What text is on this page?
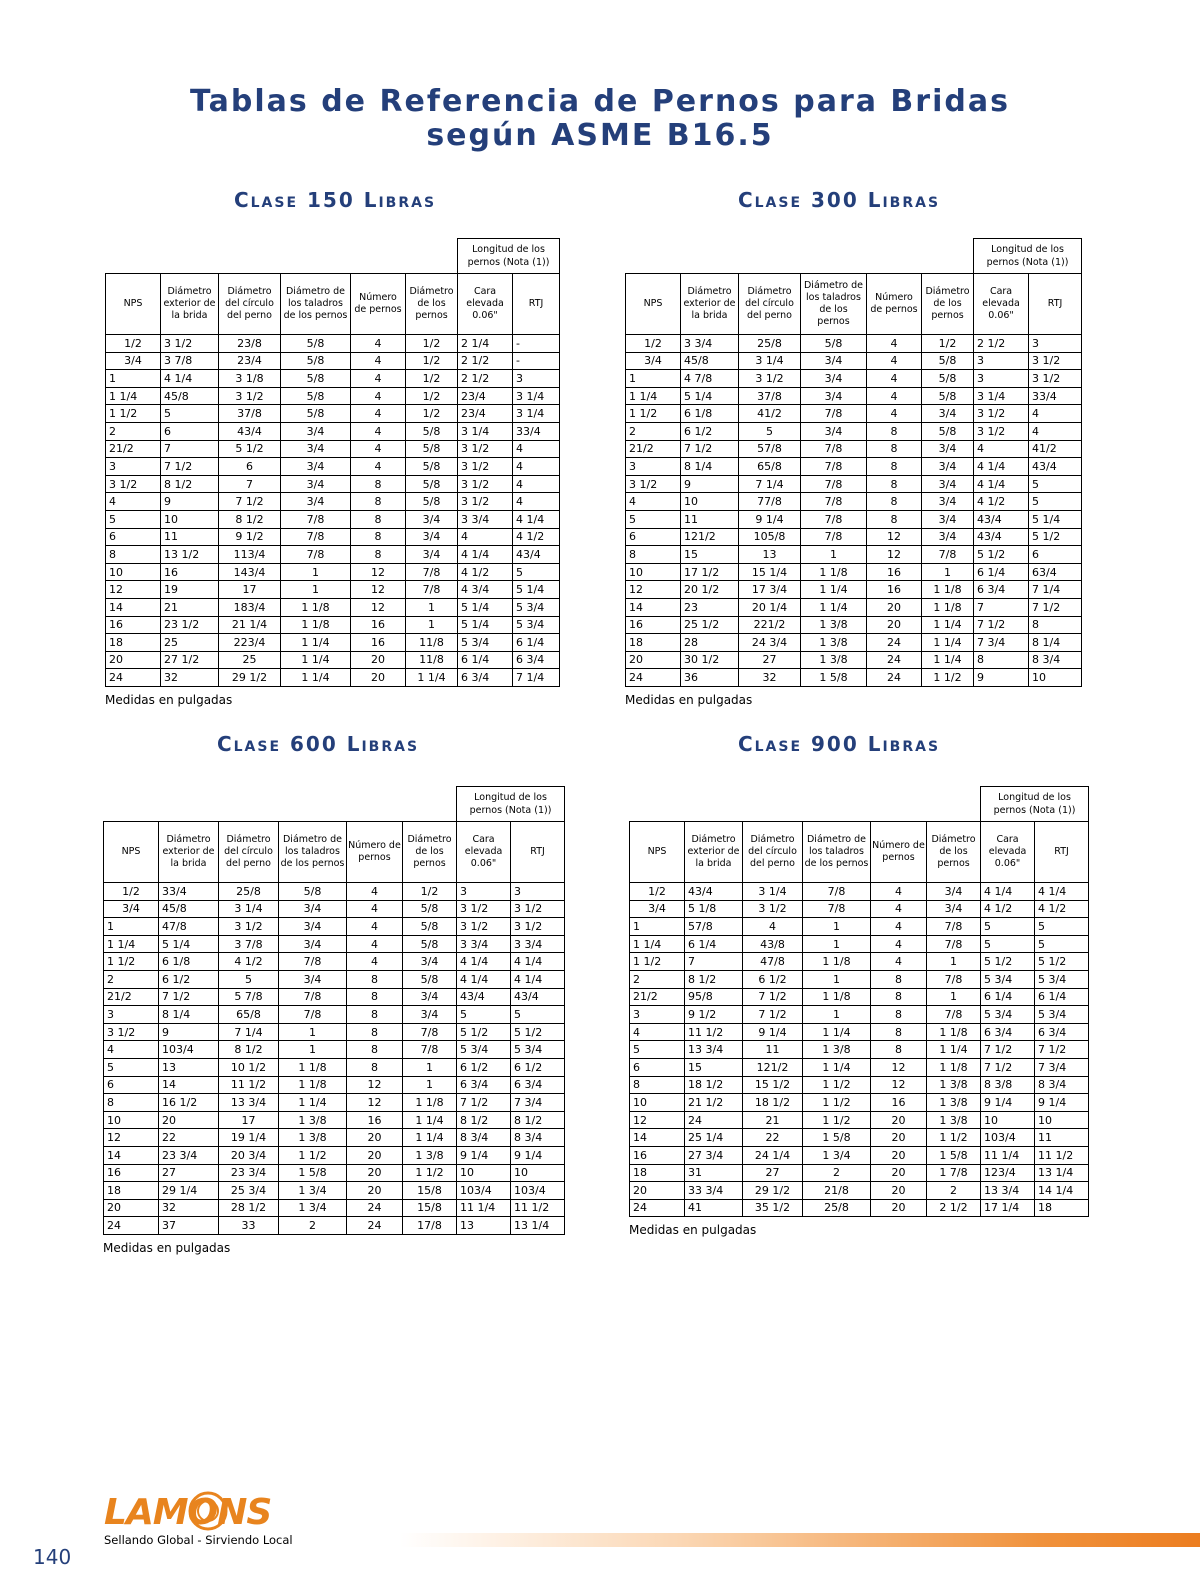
Tablas de Referencia de Pernos para Bridas
según ASME B16.5
Clase 150 Libras
						Longitud de los pernos (Nota (1))	
NPS	Diámetro exterior de la brida	Diámetro del círculo del perno	Diámetro de los taladros de los pernos	Número de pernos	Diámetro de los pernos	Cara elevada 0.06"	RTJ
1/2	3 1/2	23/8	5/8	4	1/2	2 1/4	-
3/4	3 7/8	23/4	5/8	4	1/2	2 1/2	-
1	4 1/4	3 1/8	5/8	4	1/2	2 1/2	3
1 1/4	45/8	3 1/2	5/8	4	1/2	23/4	3 1/4
1 1/2	5	37/8	5/8	4	1/2	23/4	3 1/4
2	6	43/4	3/4	4	5/8	3 1/4	33/4
21/2	7	5 1/2	3/4	4	5/8	3 1/2	4
3	7 1/2	6	3/4	4	5/8	3 1/2	4
3 1/2	8 1/2	7	3/4	8	5/8	3 1/2	4
4	9	7 1/2	3/4	8	5/8	3 1/2	4
5	10	8 1/2	7/8	8	3/4	3 3/4	4 1/4
6	11	9 1/2	7/8	8	3/4	4	4 1/2
8	13 1/2	113/4	7/8	8	3/4	4 1/4	43/4
10	16	143/4	1	12	7/8	4 1/2	5
12	19	17	1	12	7/8	4 3/4	5 1/4
14	21	183/4	1 1/8	12	1	5 1/4	5 3/4
16	23 1/2	21 1/4	1 1/8	16	1	5 1/4	5 3/4
18	25	223/4	1 1/4	16	11/8	5 3/4	6 1/4
20	27 1/2	25	1 1/4	20	11/8	6 1/4	6 3/4
24	32	29 1/2	1 1/4	20	1 1/4	6 3/4	7 1/4
Medidas en pulgadas
Clase 300 Libras
						Longitud de los pernos (Nota (1))	
NPS	Diámetro exterior de la brida	Diámetro del círculo del perno	Diámetro de los taladros de los pernos	Número de pernos	Diámetro de los pernos	Cara elevada 0.06"	RTJ
1/2	3 3/4	25/8	5/8	4	1/2	2 1/2	3
3/4	45/8	3 1/4	3/4	4	5/8	3	3 1/2
1	4 7/8	3 1/2	3/4	4	5/8	3	3 1/2
1 1/4	5 1/4	37/8	3/4	4	5/8	3 1/4	33/4
1 1/2	6 1/8	41/2	7/8	4	3/4	3 1/2	4
2	6 1/2	5	3/4	8	5/8	3 1/2	4
21/2	7 1/2	57/8	7/8	8	3/4	4	41/2
3	8 1/4	65/8	7/8	8	3/4	4 1/4	43/4
3 1/2	9	7 1/4	7/8	8	3/4	4 1/4	5
4	10	77/8	7/8	8	3/4	4 1/2	5
5	11	9 1/4	7/8	8	3/4	43/4	5 1/4
6	121/2	105/8	7/8	12	3/4	43/4	5 1/2
8	15	13	1	12	7/8	5 1/2	6
10	17 1/2	15 1/4	1 1/8	16	1	6 1/4	63/4
12	20 1/2	17 3/4	1 1/4	16	1 1/8	6 3/4	7 1/4
14	23	20 1/4	1 1/4	20	1 1/8	7	7 1/2
16	25 1/2	221/2	1 3/8	20	1 1/4	7 1/2	8
18	28	24 3/4	1 3/8	24	1 1/4	7 3/4	8 1/4
20	30 1/2	27	1 3/8	24	1 1/4	8	8 3/4
24	36	32	1 5/8	24	1 1/2	9	10
Medidas en pulgadas
Clase 600 Libras
						Longitud de los pernos (Nota (1))	
NPS	Diámetro exterior de la brida	Diámetro del círculo del perno	Diámetro de los taladros de los pernos	Número de pernos	Diámetro de los pernos	Cara elevada 0.06"	RTJ
1/2	33/4	25/8	5/8	4	1/2	3	3
3/4	45/8	3 1/4	3/4	4	5/8	3 1/2	3 1/2
1	47/8	3 1/2	3/4	4	5/8	3 1/2	3 1/2
1 1/4	5 1/4	3 7/8	3/4	4	5/8	3 3/4	3 3/4
1 1/2	6 1/8	4 1/2	7/8	4	3/4	4 1/4	4 1/4
2	6 1/2	5	3/4	8	5/8	4 1/4	4 1/4
21/2	7 1/2	5 7/8	7/8	8	3/4	43/4	43/4
3	8 1/4	65/8	7/8	8	3/4	5	5
3 1/2	9	7 1/4	1	8	7/8	5 1/2	5 1/2
4	103/4	8 1/2	1	8	7/8	5 3/4	5 3/4
5	13	10 1/2	1 1/8	8	1	6 1/2	6 1/2
6	14	11 1/2	1 1/8	12	1	6 3/4	6 3/4
8	16 1/2	13 3/4	1 1/4	12	1 1/8	7 1/2	7 3/4
10	20	17	1 3/8	16	1 1/4	8 1/2	8 1/2
12	22	19 1/4	1 3/8	20	1 1/4	8 3/4	8 3/4
14	23 3/4	20 3/4	1 1/2	20	1 3/8	9 1/4	9 1/4
16	27	23 3/4	1 5/8	20	1 1/2	10	10
18	29 1/4	25 3/4	1 3/4	20	15/8	103/4	103/4
20	32	28 1/2	1 3/4	24	15/8	11 1/4	11 1/2
24	37	33	2	24	17/8	13	13 1/4
Medidas en pulgadas
Clase 900 Libras
						Longitud de los pernos (Nota (1))	
NPS	Diámetro exterior de la brida	Diámetro del círculo del perno	Diámetro de los taladros de los pernos	Número de pernos	Diámetro de los pernos	Cara elevada 0.06"	RTJ
1/2	43/4	3 1/4	7/8	4	3/4	4 1/4	4 1/4
3/4	5 1/8	3 1/2	7/8	4	3/4	4 1/2	4 1/2
1	57/8	4	1	4	7/8	5	5
1 1/4	6 1/4	43/8	1	4	7/8	5	5
1 1/2	7	47/8	1 1/8	4	1	5 1/2	5 1/2
2	8 1/2	6 1/2	1	8	7/8	5 3/4	5 3/4
21/2	95/8	7 1/2	1 1/8	8	1	6 1/4	6 1/4
3	9 1/2	7 1/2	1	8	7/8	5 3/4	5 3/4
4	11 1/2	9 1/4	1 1/4	8	1 1/8	6 3/4	6 3/4
5	13 3/4	11	1 3/8	8	1 1/4	7 1/2	7 1/2
6	15	121/2	1 1/4	12	1 1/8	7 1/2	7 3/4
8	18 1/2	15 1/2	1 1/2	12	1 3/8	8 3/8	8 3/4
10	21 1/2	18 1/2	1 1/2	16	1 3/8	9 1/4	9 1/4
12	24	21	1 1/2	20	1 3/8	10	10
14	25 1/4	22	1 5/8	20	1 1/2	103/4	11
16	27 3/4	24 1/4	1 3/4	20	1 5/8	11 1/4	11 1/2
18	31	27	2	20	1 7/8	123/4	13 1/4
20	33 3/4	29 1/2	21/8	20	2	13 3/4	14 1/4
24	41	35 1/2	25/8	20	2 1/2	17 1/4	18
Medidas en pulgadas
140
LAMONS
Sellando Global - Sirviendo Local
